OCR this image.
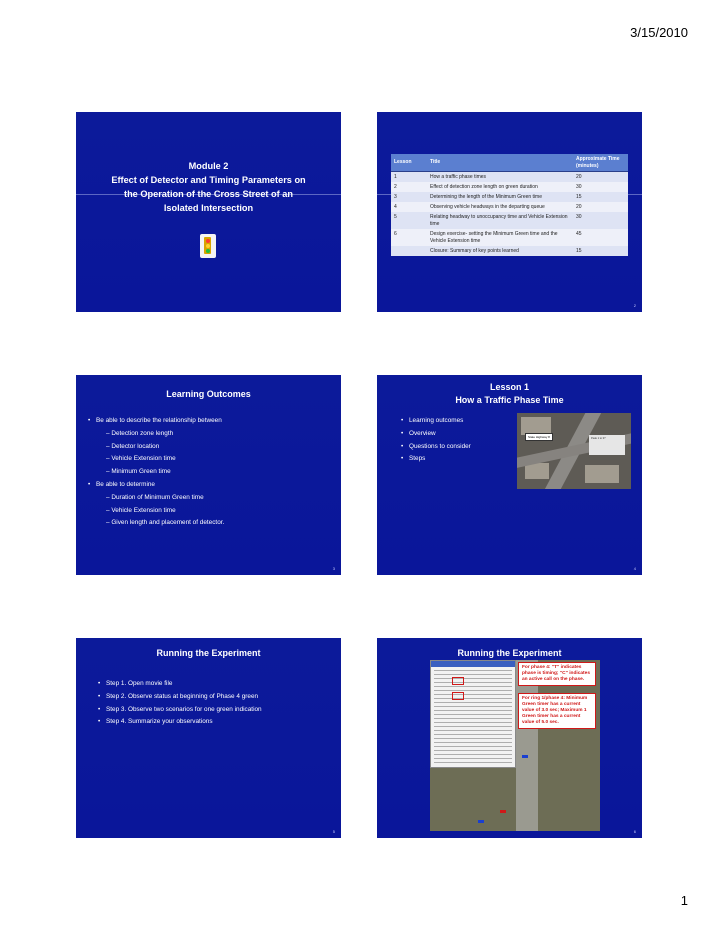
3/15/2010
Module 2
Effect of Detector and Timing Parameters on
the Operation of the Cross Street of an
Isolated Intersection
Lesson	Title	Approximate Time (minutes)
1	How a traffic phase times	20
2	Effect of detection zone length on green duration	30
3	Determining the length of the Minimum Green time	15
4	Observing vehicle headways in the departing queue	20
5	Relating headway to unoccupancy time and Vehicle Extension time	30
6	Design exercise- setting the Minimum Green time and the Vehicle Extension time	45
	Closure: Summary of key points learned	15
2
Learning Outcomes
• Be able to describe the relationship between
– Detection zone length
– Detector location
– Vehicle Extension time
– Minimum Green time
• Be able to determine
– Duration of Minimum Green time
– Vehicle Extension time
– Given length and placement of detector.
3
Lesson 1
How a Traffic Phase Time
• Learning outcomes
• Overview
• Questions to consider
• Steps
State Highway 8	Peak 1 to 3?
4
Running the Experiment
• Step 1. Open movie file
• Step 2. Observe status at beginning of Phase 4 green
• Step 3. Observe two scenarios for one green indication
• Step 4. Summarize your observations
5
Running the Experiment
For phase 4: "T" indicates phase is timing; "C" indicates an active call on the phase.
For ring 1/phase 4: Minimum Green timer has a current value of 3.0 sec; Maximum 1 Green timer has a current value of 5.0 sec.
6
1
